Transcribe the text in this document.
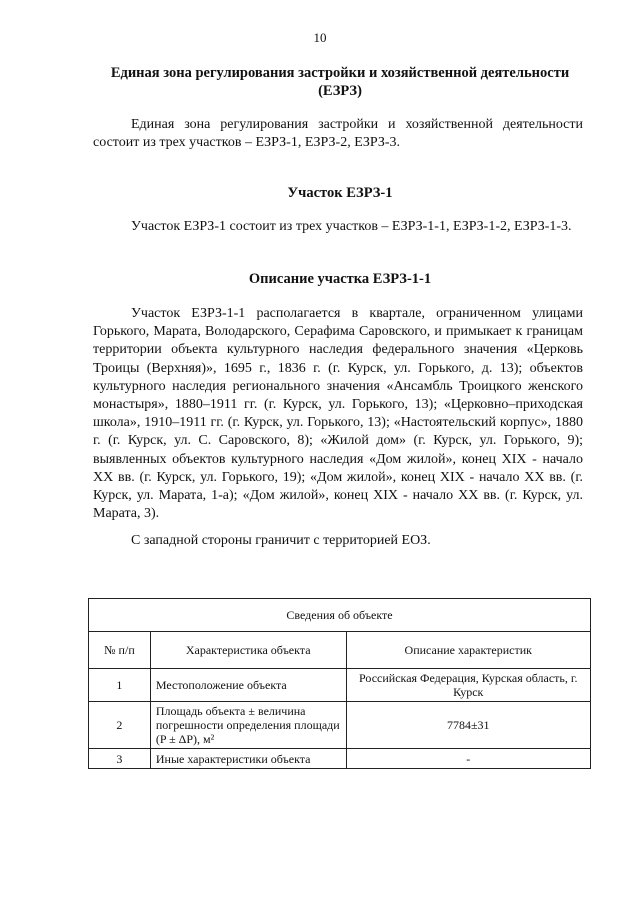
10
Единая зона регулирования застройки и хозяйственной деятельности
(ЕЗРЗ)
Единая зона регулирования застройки и хозяйственной деятельности состоит из трех участков – ЕЗРЗ-1, ЕЗРЗ-2, ЕЗРЗ-3.
Участок ЕЗРЗ-1
Участок ЕЗРЗ-1 состоит из трех участков – ЕЗРЗ-1-1, ЕЗРЗ-1-2, ЕЗРЗ-1-3.
Описание участка ЕЗРЗ-1-1
Участок ЕЗРЗ-1-1 располагается в квартале, ограниченном улицами Горького, Марата, Володарского, Серафима Саровского, и примыкает к границам территории объекта культурного наследия федерального значения «Церковь Троицы (Верхняя)», 1695 г., 1836 г. (г. Курск, ул. Горького, д. 13); объектов культурного наследия регионального значения «Ансамбль Троицкого женского монастыря», 1880–1911 гг. (г. Курск, ул. Горького, 13); «Церковно–приходская школа», 1910–1911 гг. (г. Курск, ул. Горького, 13); «Настоятельский корпус», 1880 г. (г. Курск, ул. С. Саровского, 8); «Жилой дом» (г. Курск, ул. Горького, 9); выявленных объектов культурного наследия «Дом жилой», конец XIX - начало XX вв. (г. Курск, ул. Горького, 19); «Дом жилой», конец XIX - начало XX вв. (г. Курск, ул. Марата, 1-а); «Дом жилой», конец XIX - начало XX вв. (г. Курск, ул. Марата, 3).
С западной стороны граничит с территорией ЕОЗ.
Сведения об объекте		
№ п/п	Характеристика объекта	Описание характеристик
1	Местоположение объекта	Российская Федерация, Курская область, г. Курск
2	Площадь объекта ± величина погрешности определения площади (P ± ΔP), м²	7784±31
3	Иные характеристики объекта	-
